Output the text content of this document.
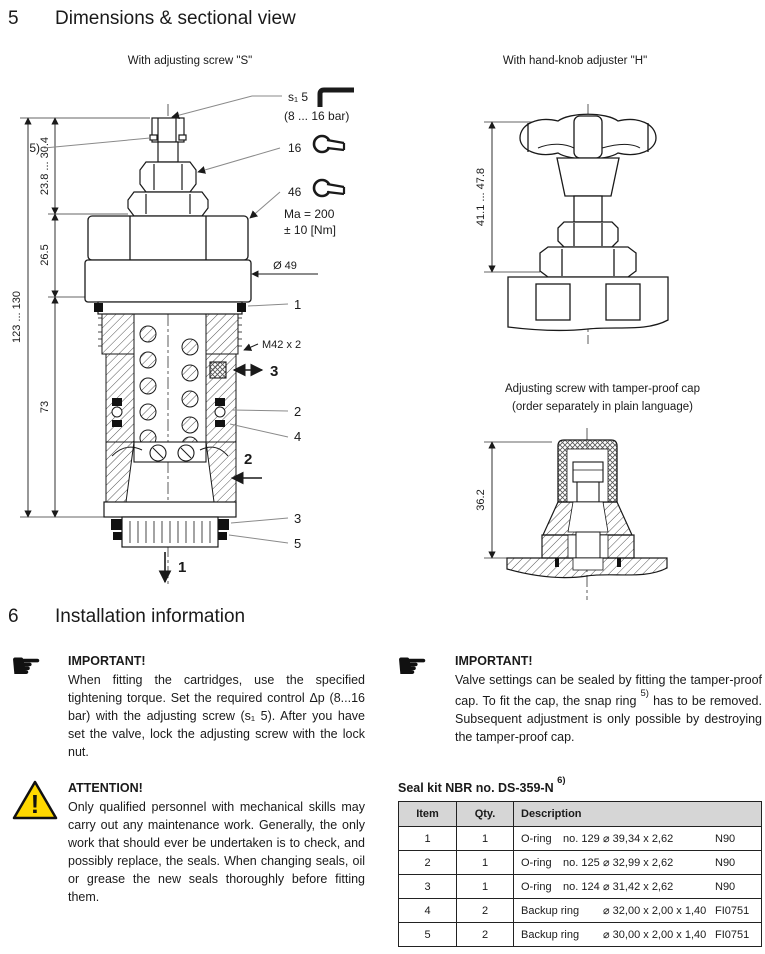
5 Dimensions & sectional view
With adjusting screw "S"	With hand-knob adjuster "H"
123 ... 130
23.8 ... 30.4
26.5
73
5)
s₁ 5
(8 ... 16 bar)
16
46
Ma = 200
± 10 [Nm]
Ø 49
1
M42 x 2
3
2
4
2
3
5
1
41.1 ... 47.8
Adjusting screw with tamper-proof cap
(order separately in plain language)
36.2
6 Installation information
☛ IMPORTANT!
When fitting the cartridges, use the specified tightening torque. Set the required control Δp (8...16 bar) with the adjusting screw (s₁ 5). After you have set the valve, lock the adjusting screw with the lock nut.
!
ATTENTION!
Only qualified personnel with mechanical skills may carry out any maintenance work. Generally, the only work that should ever be undertaken is to check, and possibly replace, the seals. When changing seals, oil or grease the new seals thoroughly before fitting them.
☛ IMPORTANT!
Valve settings can be sealed by fitting the tamper-proof cap. To fit the cap, the snap ring $^{5)}$ has to be removed. Subsequent adjustment is only possible by destroying the tamper-proof cap.
Seal kit NBR no. DS-359-N $^{6)}$
Item	Qty.	Description
1	1	O-ring no. 129 ⌀ 39,34 x 2,62 N90
2	1	O-ring no. 125 ⌀ 32,99 x 2,62 N90
3	1	O-ring no. 124 ⌀ 31,42 x 2,62 N90
4	2	Backup ring ⌀ 32,00 x 2,00 x 1,40 FI0751
5	2	Backup ring ⌀ 30,00 x 2,00 x 1,40 FI0751
